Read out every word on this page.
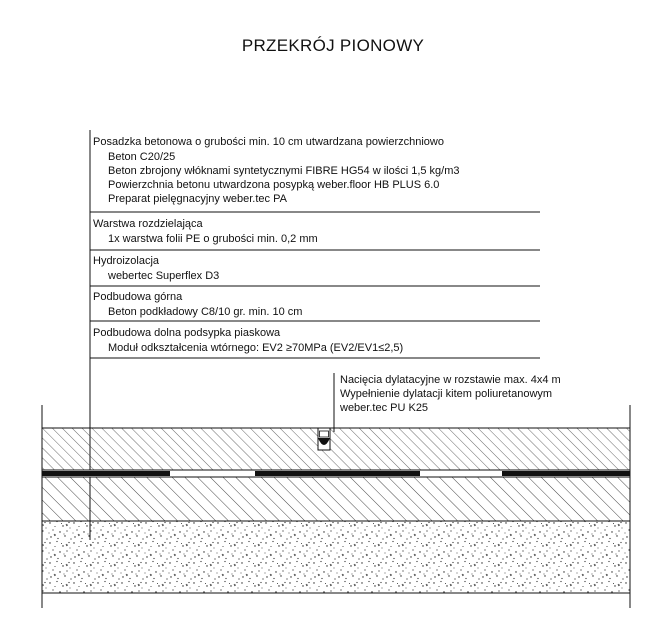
PRZEKRÓJ PIONOWY
Posadzka betonowa o grubości min. 10 cm utwardzana powierzchniowo
Beton C20/25
Beton zbrojony włóknami syntetycznymi FIBRE HG54 w ilości 1,5 kg/m3
Powierzchnia betonu utwardzona posypką weber.floor HB PLUS 6.0
Preparat pielęgnacyjny weber.tec PA
Warstwa rozdzielająca
1x warstwa folii PE o grubości min. 0,2 mm
Hydroizolacja
webertec Superflex D3
Podbudowa górna
Beton podkładowy C8/10 gr. min. 10 cm
Podbudowa dolna podsypka piaskowa
Moduł odkształcenia wtórnego: EV2 ≥70MPa (EV2/EV1≤2,5)
Nacięcia dylatacyjne w rozstawie max. 4x4 m
Wypełnienie dylatacji kitem poliuretanowym
weber.tec PU K25
